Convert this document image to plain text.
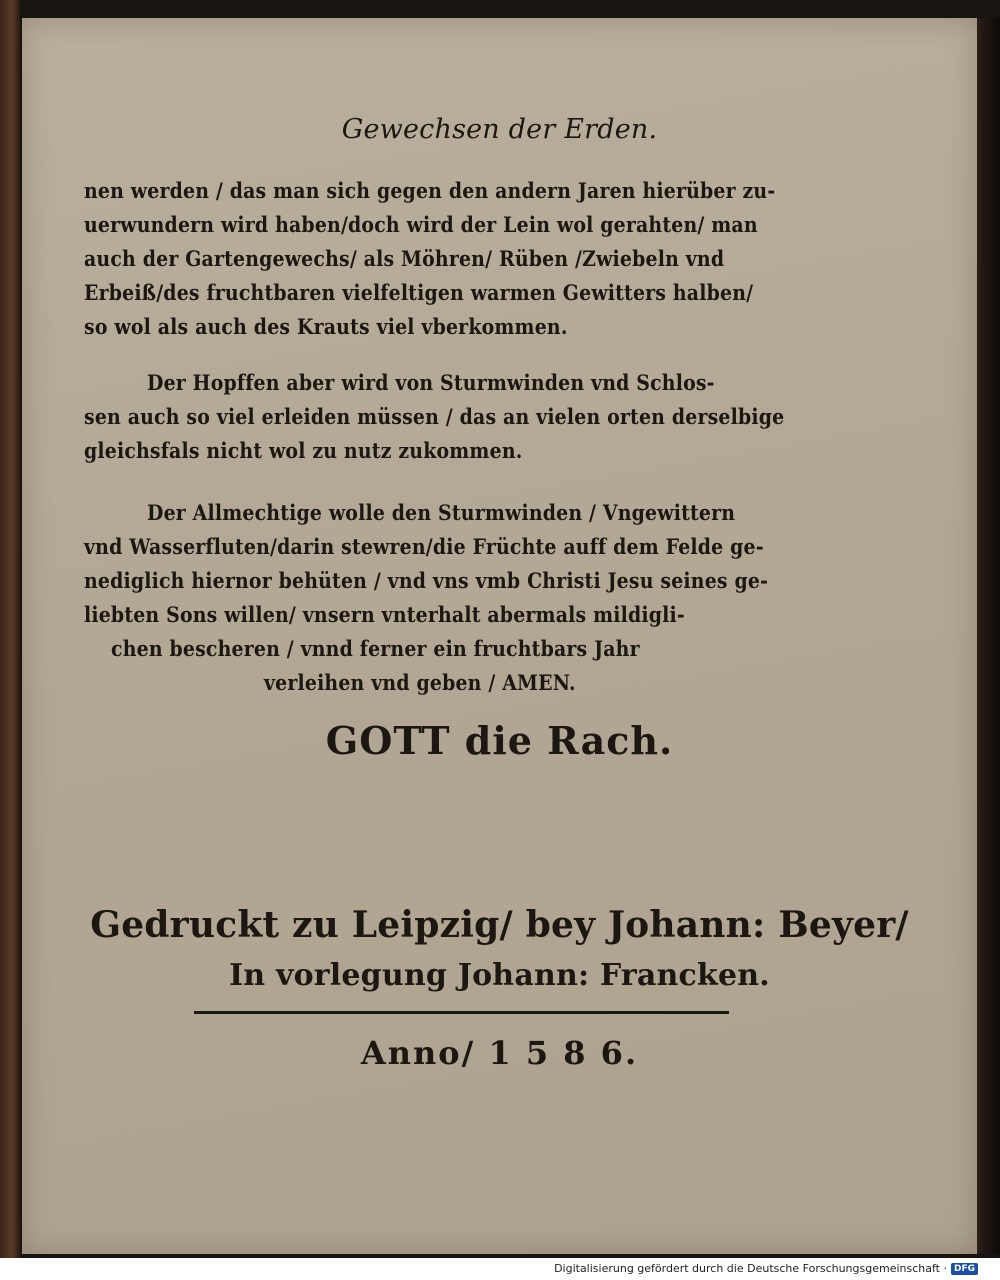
Gewechsen der Erden.
nen werden / das man sich gegen den andern Jaren hierüber zu-
uerwundern wird haben/doch wird der Lein wol gerahten/ man
auch der Gartengewechs/ als Möhren/ Rüben /Zwiebeln vnd
Erbeiß/des fruchtbaren vielfeltigen warmen Gewitters halben/
so wol als auch des Krauts viel vberkommen.
Der Hopffen aber wird von Sturmwinden vnd Schlos-
sen auch so viel erleiden müssen / das an vielen orten derselbige
gleichsfals nicht wol zu nutz zukommen.
Der Allmechtige wolle den Sturmwinden / Vngewittern
vnd Wasserfluten/darin stewren/die Früchte auff dem Felde ge-
nediglich hiernor behüten / vnd vns vmb Christi Jesu seines ge-
liebten Sons willen/ vnsern vnterhalt abermals mildigli-
chen bescheren / vnnd ferner ein fruchtbars Jahr
verleihen vnd geben / AMEN.
GOTT die Rach.
Gedruckt zu Leipzig/ bey Johann: Beyer/
In vorlegung Johann: Francken.
Anno/ 1 5 8 6.
Digitalisierung gefördert durch die Deutsche Forschungsgemeinschaft · DFG
